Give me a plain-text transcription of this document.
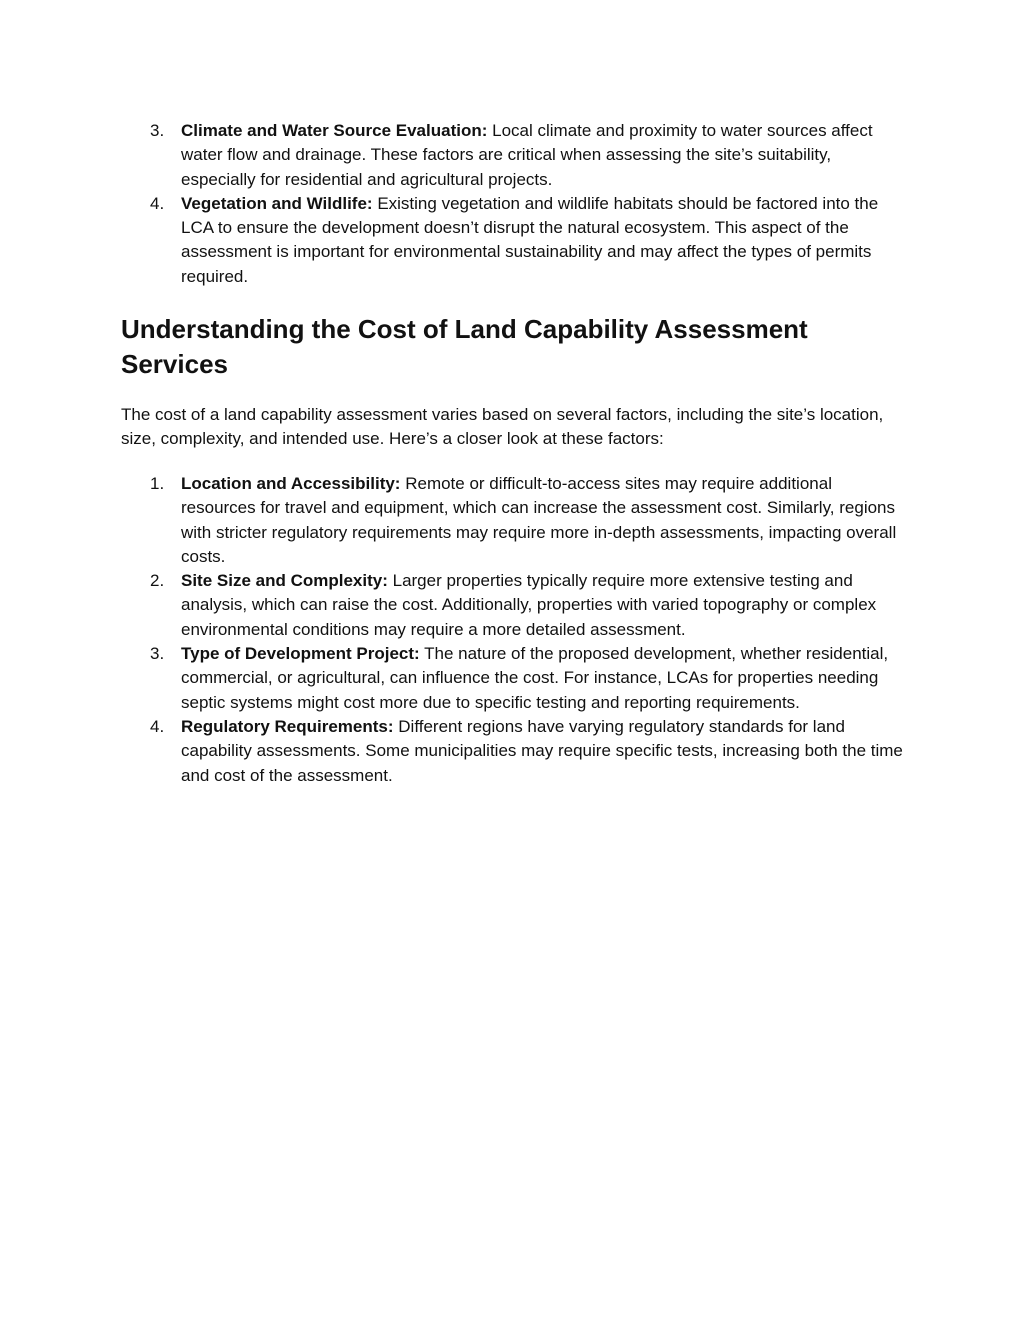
3. Climate and Water Source Evaluation: Local climate and proximity to water sources affect water flow and drainage. These factors are critical when assessing the site’s suitability, especially for residential and agricultural projects.
4. Vegetation and Wildlife: Existing vegetation and wildlife habitats should be factored into the LCA to ensure the development doesn’t disrupt the natural ecosystem. This aspect of the assessment is important for environmental sustainability and may affect the types of permits required.
Understanding the Cost of Land Capability Assessment Services

The cost of a land capability assessment varies based on several factors, including the site’s location, size, complexity, and intended use. Here’s a closer look at these factors:

1. Location and Accessibility: Remote or difficult-to-access sites may require additional resources for travel and equipment, which can increase the assessment cost. Similarly, regions with stricter regulatory requirements may require more in-depth assessments, impacting overall costs.
2. Site Size and Complexity: Larger properties typically require more extensive testing and analysis, which can raise the cost. Additionally, properties with varied topography or complex environmental conditions may require a more detailed assessment.
3. Type of Development Project: The nature of the proposed development, whether residential, commercial, or agricultural, can influence the cost. For instance, LCAs for properties needing septic systems might cost more due to specific testing and reporting requirements.
4. Regulatory Requirements: Different regions have varying regulatory standards for land capability assessments. Some municipalities may require specific tests, increasing both the time and cost of the assessment.
